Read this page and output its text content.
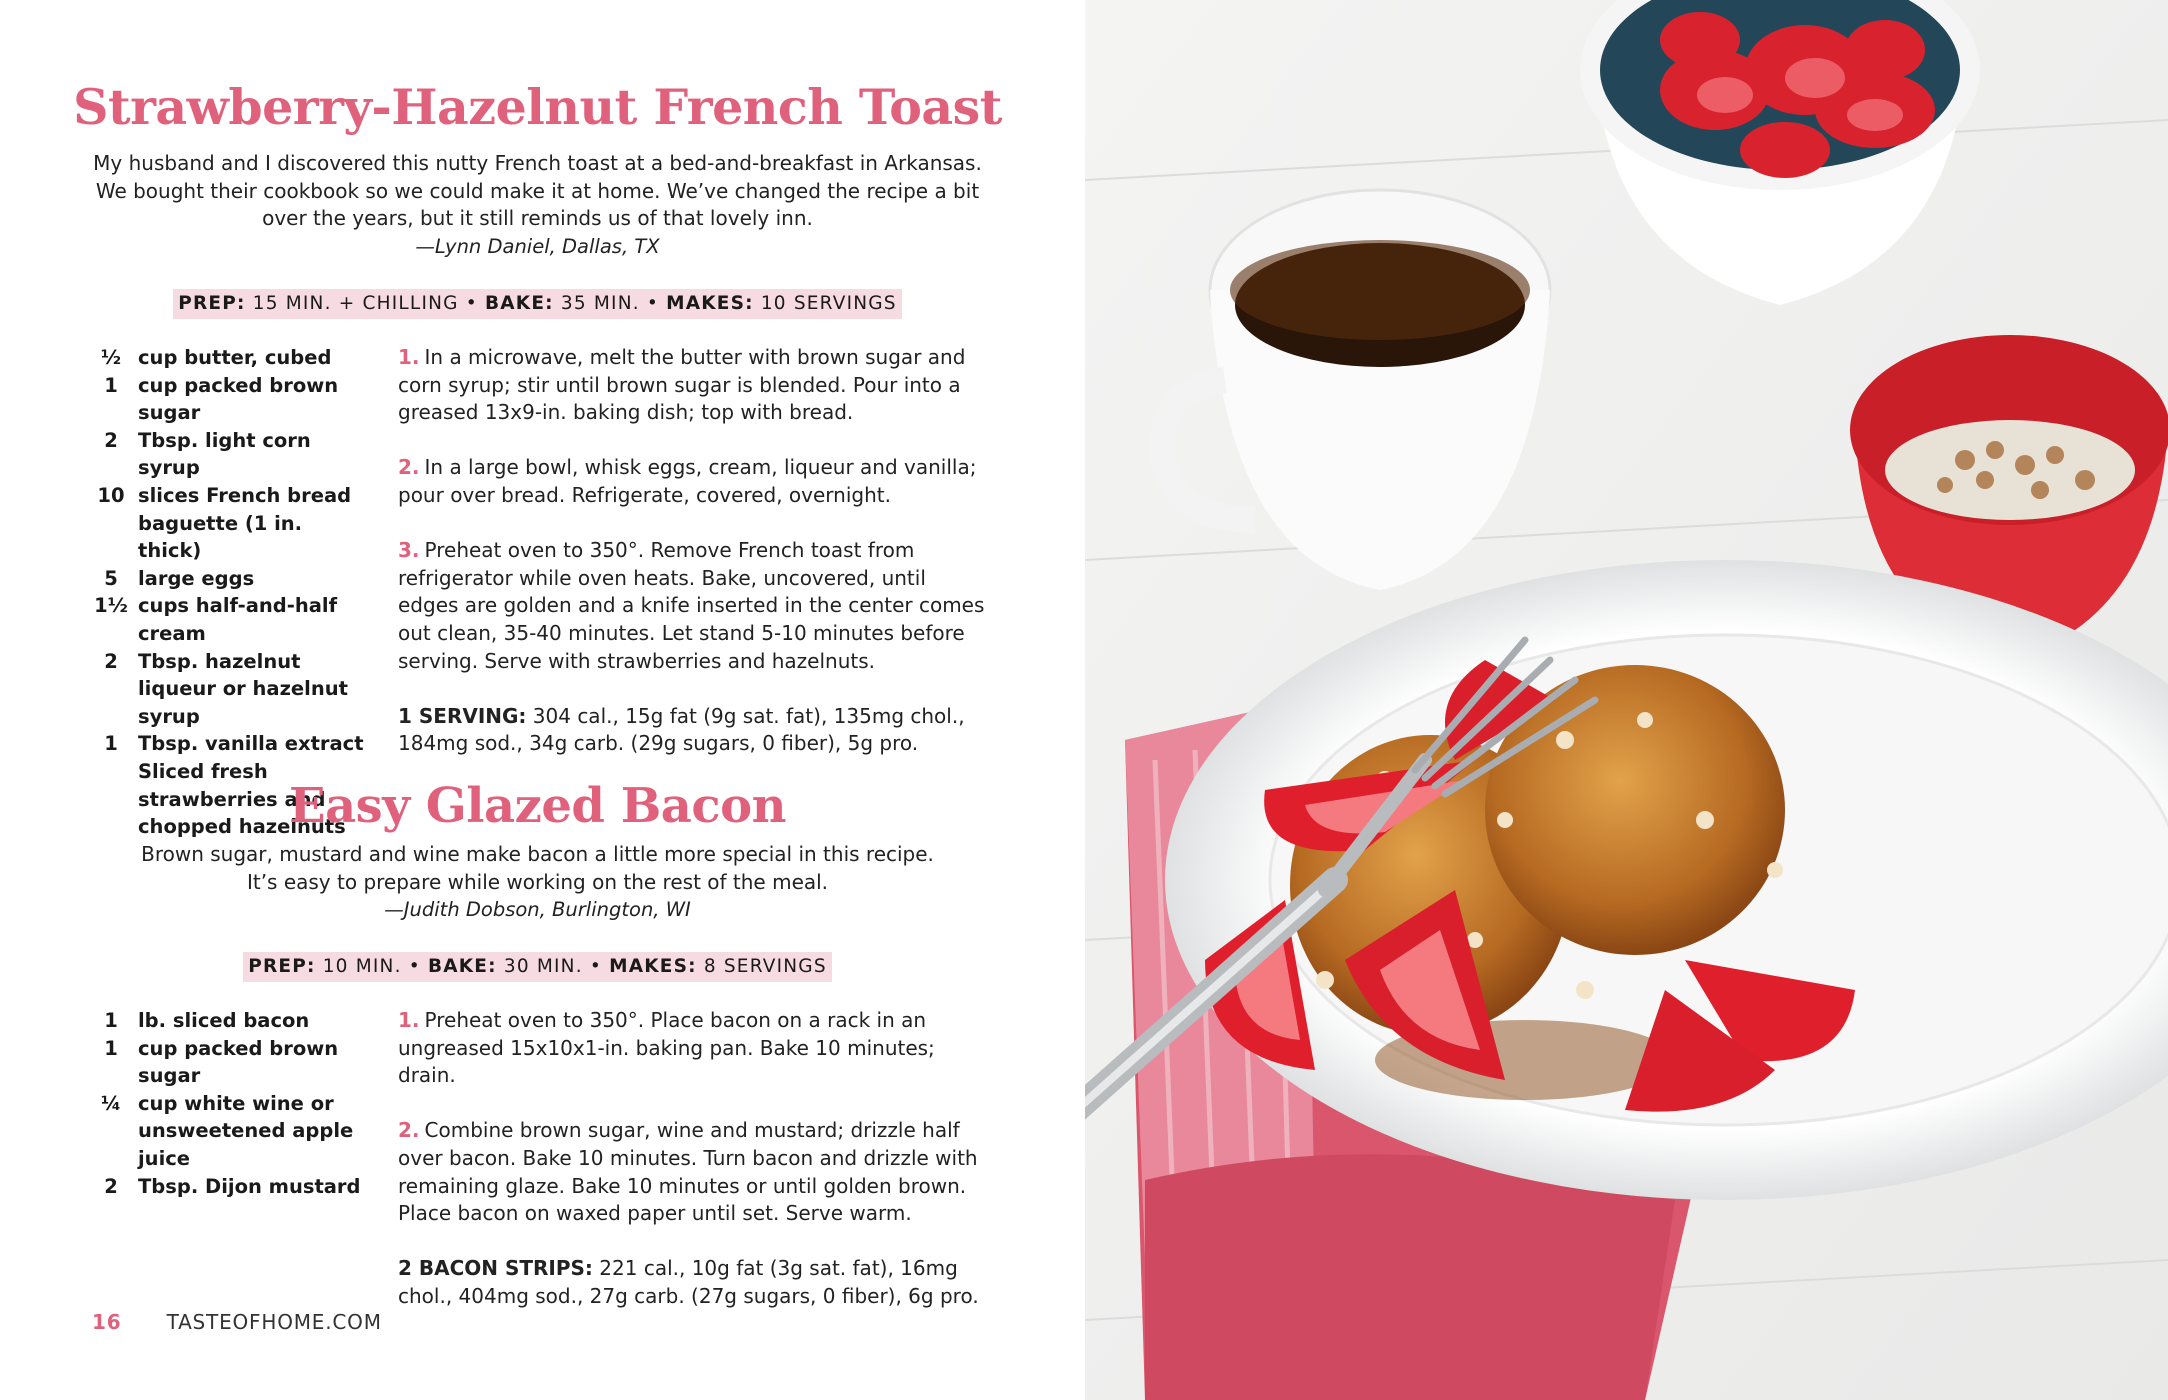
Strawberry-Hazelnut French Toast

My husband and I discovered this nutty French toast at a bed-and-breakfast in Arkansas.

We bought their cookbook so we could make it at home. We’ve changed the recipe a bit

over the years, but it still reminds us of that lovely inn.

—Lynn Daniel, Dallas, TX

PREP: 15 MIN. + CHILLING • BAKE: 35 MIN. • MAKES: 10 SERVINGS
½ cup butter, cubed
1	cup packed brown sugar
2	Tbsp. light corn syrup
10 slices French bread baguette (1 in. thick)
5	large eggs
1½ cups half-and-half cream
2	Tbsp. hazelnut liqueur or hazelnut syrup
1	Tbsp. vanilla extract
Sliced fresh strawberries and chopped hazelnuts

1. In a microwave, melt the butter with brown sugar and corn syrup; stir until brown sugar is blended. Pour into a greased 13x9-in. baking dish; top with bread.

2. In a large bowl, whisk eggs, cream, liqueur and vanilla; pour over bread. Refrigerate, covered, overnight.

3. Preheat oven to 350°. Remove French toast from refrigerator while oven heats. Bake, uncovered, until edges are golden and a knife inserted in the center comes out clean, 35-40 minutes. Let stand 5-10 minutes before serving. Serve with strawberries and hazelnuts.

1 SERVING: 304 cal., 15g fat (9g sat. fat), 135mg chol., 184mg sod., 34g carb. (29g sugars, 0 fiber), 5g pro.

Easy Glazed Bacon

Brown sugar, mustard and wine make bacon a little more special in this recipe.

It’s easy to prepare while working on the rest of the meal.

—Judith Dobson, Burlington, WI

PREP: 10 MIN. • BAKE: 30 MIN. • MAKES: 8 SERVINGS
1	lb. sliced bacon
1	cup packed brown sugar
¼ cup white wine or unsweetened apple juice
2	Tbsp. Dijon mustard

1. Preheat oven to 350°. Place bacon on a rack in an ungreased 15x10x1-in. baking pan. Bake 10 minutes; drain.

2. Combine brown sugar, wine and mustard; drizzle half over bacon. Bake 10 minutes. Turn bacon and drizzle with remaining glaze. Bake 10 minutes or until golden brown. Place bacon on waxed paper until set. Serve warm.

2 BACON STRIPS: 221 cal., 10g fat (3g sat. fat), 16mg chol., 404mg sod., 27g carb. (27g sugars, 0 fiber), 6g pro.

16 TASTEOFHOME.COM
